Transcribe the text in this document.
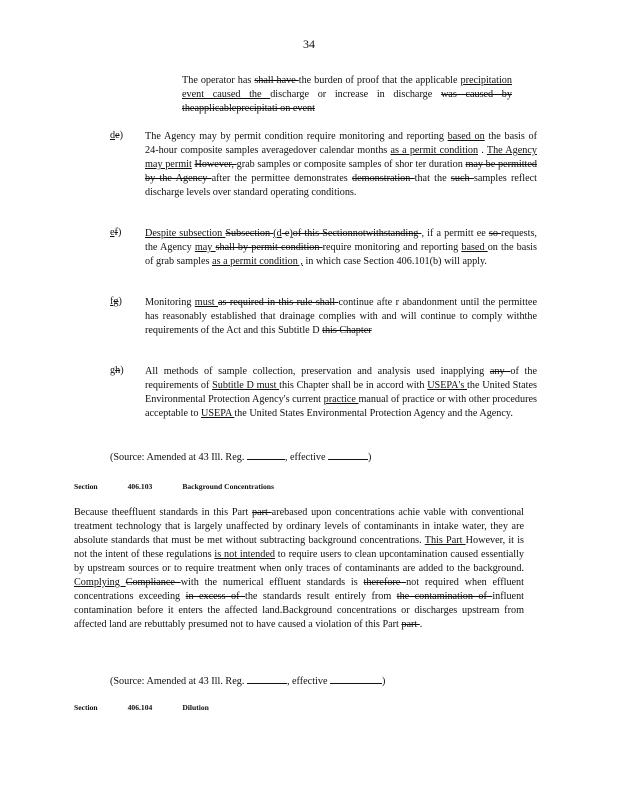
34
The operator has shall have the burden of proof that the applicable precipitation event caused the discharge or increase in discharge was caused by theapplicableprecipitati on event
de) The Agency may by permit condition require monitoring and reporting based on the basis of 24-hour composite samples averagedover calendar months as a permit condition . The Agency may permit However, grab samples or composite samples of shor ter duration may be permitted by the Agency after the permittee demonstrates demonstration that the such samples reflect discharge levels over standard operating conditions.
ef) Despite subsection Subsection (d e)of this Sectionnotwithstanding , if a permitt ee so requests, the Agency may shall by permit condition require monitoring and reporting based on the basis of grab samples as a permit condition , in which case Section 406.101(b) will apply.
fg) Monitoring must as required in this rule shall continue afte r abandonment until the permittee has reasonably established that drainage complies with and will continue to comply withthe requirements of the Act and this Subtitle D this Chapter
gh) All methods of sample collection, preservation and analysis used inapplying any of the requirements of Subtitle D must this Chapter shall be in accord with USEPA's the United States Environmental Protection Agency's current practice manual of practice or with other procedures acceptable to USEPA the United States Environmental Protection Agency and the Agency.
(Source: Amended at 43 Ill. Reg.	, effective	)
Section	406.103	Background Concentrations
Because theeffluent standards in this Part part arebased upon concentrations achie vable with conventional treatment technology that is largely unaffected by ordinary levels of contaminants in intake water, they are absolute standards that must be met without subtracting background concentrations. This Part However, it is not the intent of these regulations is not intended to require users to clean upcontamination caused essentially by upstream sources or to require treatment when only traces of contaminants are added to the background. Complying Compliance with the numerical effluent standards is therefore not required when effluent concentrations exceeding in excess of the standards result entirely from the contamination of influent contamination before it enters the affected land.Background concentrations or discharges upstream from affected land are rebuttably presumed not to have caused a violation of this Part part .
(Source: Amended at 43 Ill. Reg.	, effective	)
Section	406.104	Dilution
